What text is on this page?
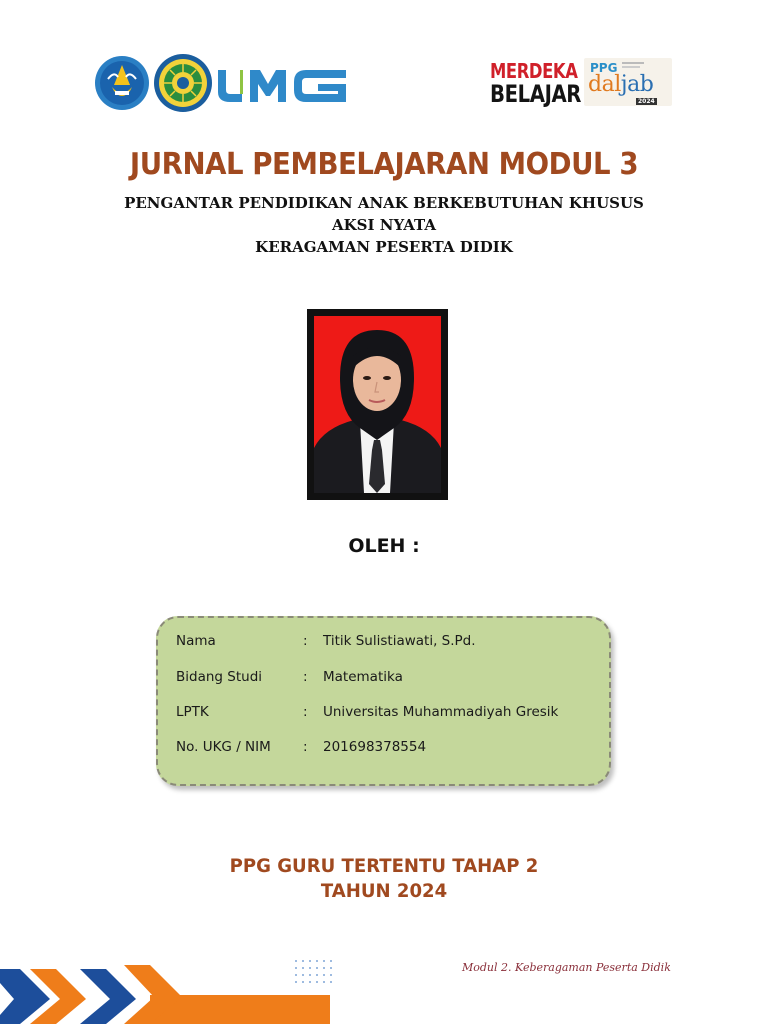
MERDEKA
BELAJAR
PPG
daljab
2024
JURNAL PEMBELAJARAN MODUL 3
PENGANTAR PENDIDIKAN ANAK BERKEBUTUHAN KHUSUS
AKSI NYATA
KERAGAMAN PESERTA DIDIK
OLEH :
Nama	: Titik Sulistiawati, S.Pd.
Bidang Studi	: Matematika
LPTK	: Universitas Muhammadiyah Gresik
No. UKG / NIM : 201698378554
PPG GURU TERTENTU TAHAP 2
TAHUN 2024
Modul 2. Keberagaman Peserta Didik
